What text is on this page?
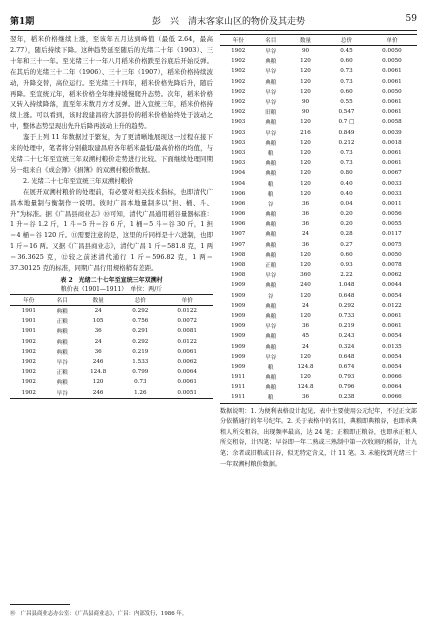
第1期	彭　兴　清末客家山区的物价及其走势	59

翌年，稻米价格继续上涨，至该年五月达到峰值（最低 2.64，最高 2.77），随后持续下降。这种趋势延至随后的光绪二十年（1903）、三十年和三十一年。至光绪三十一年八月稻米价格跌至谷底后开始反弹。在其后的光绪三十二年（1906）、三十三年（1907），稻米价格持续波动，升降交替，高位运行。至光绪三十四年，稻米价格先降后升，随后再降。至宣统元年，稻米价格全年维持缓慢爬升态势。次年，稻米价格又转入持续降落，直至年末数月方才反弹。进入宣统三年，稻米价格持续上涨。可以看到，该时段建昌府大部县份的稻米价格始终处于波动之中，整体态势呈现出先升后降再波动上升的趋势。

鉴于上列 11 年数据过于繁复，为了更清晰地展现这一过程在接下来的处理中，笔者将分别截取建昌府各年稻米最低/最高价格的均值，与光绪二十七年至宣统三年双溯村粮价走势进行比较。下面继续处理同期另一组来自《成会簿》《捐簿》的双溯村粮价数据。

2. 光绪二十七年至宣统三年双溯村粮价

在展开双溯村粮价的处理前，有必要对相关技术指标，也即清代广昌本地量制与衡制作一说明。彼时广昌本地量制多以“担、桶、斗、升”为标准。据《广昌县商业志》⑩可知，清代广昌通用稻谷量器标准：1 升＝谷 1.2 斤，1 斗＝5 升＝谷 6 斤，1 桶＝5 斗＝谷 30 斤，1 担＝4 桶＝谷 120 斤。⑪需要注意的是，这里的斤同样是十六进制，也即 1 斤＝16 两。又据《广昌县商业志》，清代广昌 1 斤＝581.8 克，1 两＝36.3625 克，⑫较之前述清代通行 1 斤＝596.82 克，1 两＝37.30125 克的标准，同期广昌行用规格稍有差距。

表 2　光绪二十七年至宣统三年双溯村

粮价表（1901—1911）　单位：两/斤

年份	名目	数量	总价	单价
1901	典粮	24	0.292	0.0122
1901	正粮	105	0.756	0.0072
1901	典粮	36	0.291	0.0081
1902	典粮	24	0.292	0.0122
1902	典粮	36	0.219	0.0061
1902	早谷	246	1.533	0.0062
1902	正粮	124.8	0.799	0.0064
1902	典粮	120	0.73	0.0061
1902	早谷	246	1.26	0.0051
年份	名目	数量	总价	单价
1902	早谷	90	0.45	0.0050
1902	典粮	120	0.60	0.0050
1902	早谷	120	0.73	0.0061
1902	典粮	120	0.73	0.0061
1902	早谷	120	0.60	0.0050
1902	早谷	90	0.55	0.0061
1902	旧粮	90	0.547	0.0061
1903	典粮	120	0.7 □	0.0058
1903	早谷	216	0.849	0.0039
1903	典粮	120	0.212	0.0018
1903	粮	120	0.73	0.0061
1903	典粮	120	0.73	0.0061
1904	典粮	120	0.80	0.0067
1904	粮	120	0.40	0.0033
1906	粮	120	0.40	0.0033
1906	谷	36	0.04	0.0011
1906	典粮	36	0.20	0.0056
1906	典粮	36	0.20	0.0055
1907	典粮	24	0.28	0.0117
1907	典粮	36	0.27	0.0075
1908	典粮	120	0.60	0.0050
1908	正粮	120	0.93	0.0078
1908	早谷	360	2.22	0.0062
1909	典粮	240	1.048	0.0044
1909	谷	120	0.648	0.0054
1909	典粮	24	0.292	0.0122
1909	典粮	120	0.733	0.0061
1909	早谷	36	0.219	0.0061
1909	典粮	45	0.243	0.0054
1909	典粮	24	0.324	0.0135
1909	早谷	120	0.648	0.0054
1909	粮	124.8	0.674	0.0054
1911	典粮	120	0.793	0.0066
1911	典粮	124.8	0.796	0.0064
1911	粮	36	0.238	0.0066

数据说明：1. 为便利表格设计起见，表中主要使用公元纪年，不过正文部分依循通行的年号纪年。2. 关于表格中的名目，典粮即典粮谷，也即承典租人所交租谷，出现频率最高，达 24 笔；正粮即正粮谷，也即承正租人所交租谷，计四笔；早谷即一年二熟或三熟制中第一次收割的稻谷，计九笔；余者或旧粮或日谷，似无特定含义，计 11 笔。3. 未能找到光绪三十一年双溯村粮价数据。

⑩　广昌县商业志办公室：《广昌县商业志》，广昌：内部发行，1986 年。
